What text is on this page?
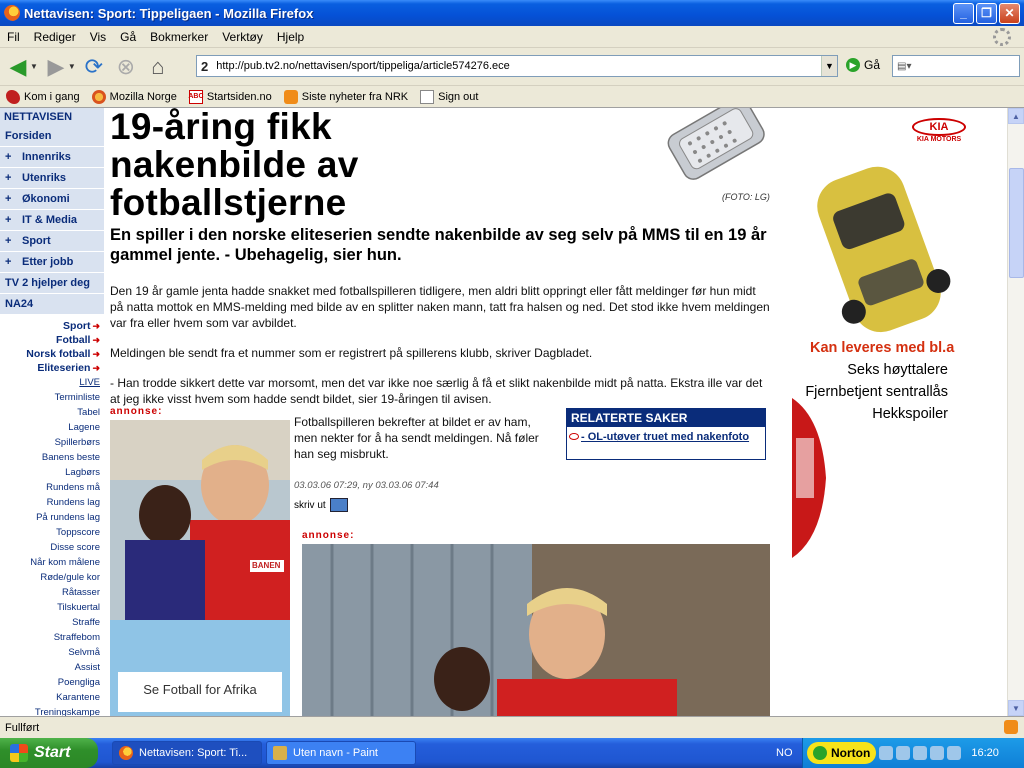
Nettavisen: Sport: Tippeligaen - Mozilla Firefox	_	❐	✕
Fil Rediger Vis Gå Bokmerker Verktøy Hjelp
◀ ▼ ▶ ▼ ⟳ ⊗ ⌂	2
http://pub.tv2.no/nettavisen/sport/tippeliga/article574276.ece	▼	▶ Gå ▤▾
Kom i gang	Mozilla Norge ABC Startsiden.no	Siste nyheter fra NRK	Sign out
NETTAVISEN
Forsiden
+ Innenriks
+ Utenriks
+ Økonomi
+ IT & Media
+ Sport
+ Etter jobb
TV 2 hjelper deg
NA24
Sport ➜
Fotball ➜
Norsk fotball ➜
Eliteserien ➜
LIVE
Terminliste
Tabel
Lagene
Spillerbørs
Banens beste
Lagbørs
Rundens må
Rundens lag
På rundens lag
Toppscore
Disse score
Når kom målene
Røde/gule kor
Råtasser
Tilskuertal
Straffe
Straffebom
Selvmå
Assist
Poengliga
Karantene
Treningskampe
(FOTO: LG)
19-åring fikk nakenbilde av fotballstjerne

En spiller i den norske eliteserien sendte nakenbilde av seg selv på MMS til en 19 år gammel jente. - Ubehagelig, sier hun.

Den 19 år gamle jenta hadde snakket med fotballspilleren tidligere, men aldri blitt oppringt eller fått meldinger før hun midt på natta mottok en MMS-melding med bilde av en splitter naken mann, tatt fra halsen og ned. Det stod ikke hvem meldingen var fra eller hvem som var avbildet.

Meldingen ble sendt fra et nummer som er registrert på spillerens klubb, skriver Dagbladet.

- Han trodde sikkert dette var morsomt, men det var ikke noe særlig å få et slikt nakenbilde midt på natta. Ekstra ille var det at jeg ikke visst hvem som hadde sendt bildet, sier 19-åringen til avisen.

annonse:
BANEN
Se Fotball for Afrika
Fotballspilleren bekrefter at bildet er av ham, men nekter for å ha sendt meldingen. Nå føler han seg misbrukt.
03.03.06 07:29, ny 03.03.06 07:44
skriv ut
RELATERTE SAKER
- OL-utøver truet med nakenfoto
annonse:
KIA
KIA MOTORS
Kan leveres med bl.a
Seks høyttalere
Fjernbetjent sentrallås
Hekkspoiler
▲
▼
Fullført
Start	Nettavisen: Sport: Ti...	Uten navn - Paint	Norton	16:20
NO
